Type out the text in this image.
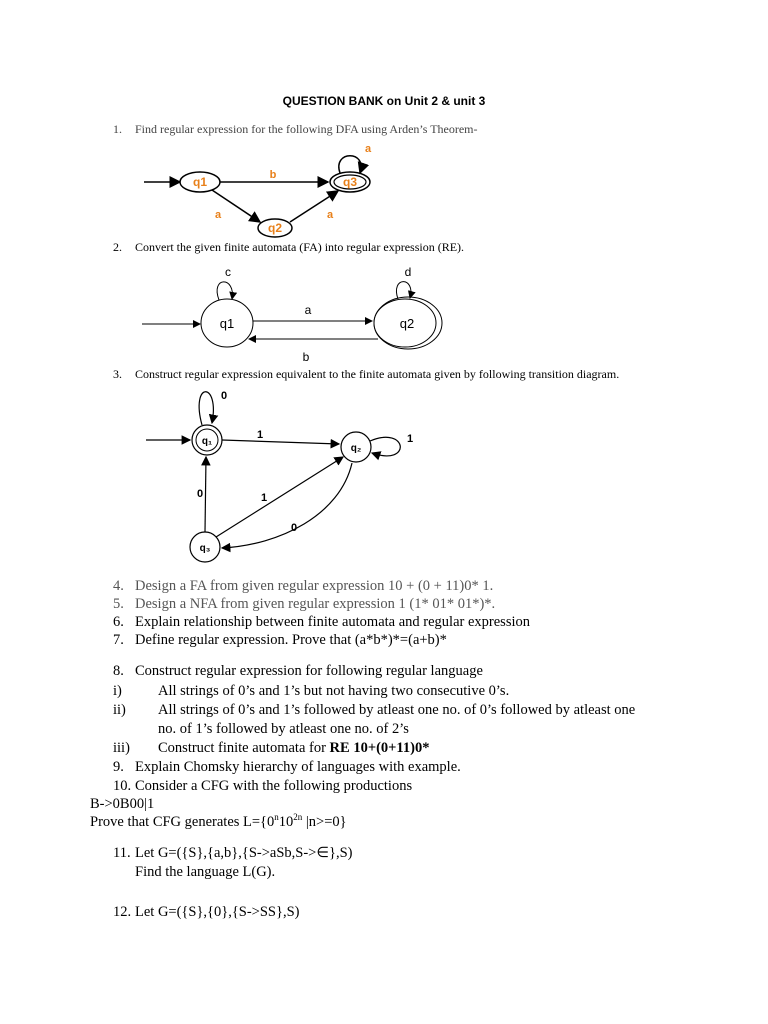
QUESTION BANK on Unit 2 & unit 3
1. Find regular expression for the following DFA using Arden’s Theorem-
q1	q3
q2
b
a	a
a
2. Convert the given finite automata (FA) into regular expression (RE).
q1	q2
a
b
c	d
3. Construct regular expression equivalent to the finite automata given by following transition diagram.
q₁
q₂
q₃
0
1	1
0	1
0
4. Design a FA from given regular expression 10 + (0 + 11)0* 1.
5. Design a NFA from given regular expression 1 (1* 01* 01*)*.
6. Explain relationship between finite automata and regular expression
7. Define regular expression. Prove that (a*b*)*=(a+b)*
8. Construct regular expression for following regular language
i) All strings of 0’s and 1’s but not having two consecutive 0’s.
ii) All strings of 0’s and 1’s followed by atleast one no. of 0’s followed by atleast one
no. of 1’s followed by atleast one no. of 2’s
iii) Construct finite automata for RE 10+(0+11)0*
9. Explain Chomsky hierarchy of languages with example.
10. Consider a CFG with the following productions
B->0B00|1
Prove that CFG generates $L=\{0^n10^{2n}$ |n>=0}
11. Let G=({S},{a,b},{S->aSb,S->∈},S)
Find the language L(G).
12. Let G=({S},{0},{S->SS},S)
